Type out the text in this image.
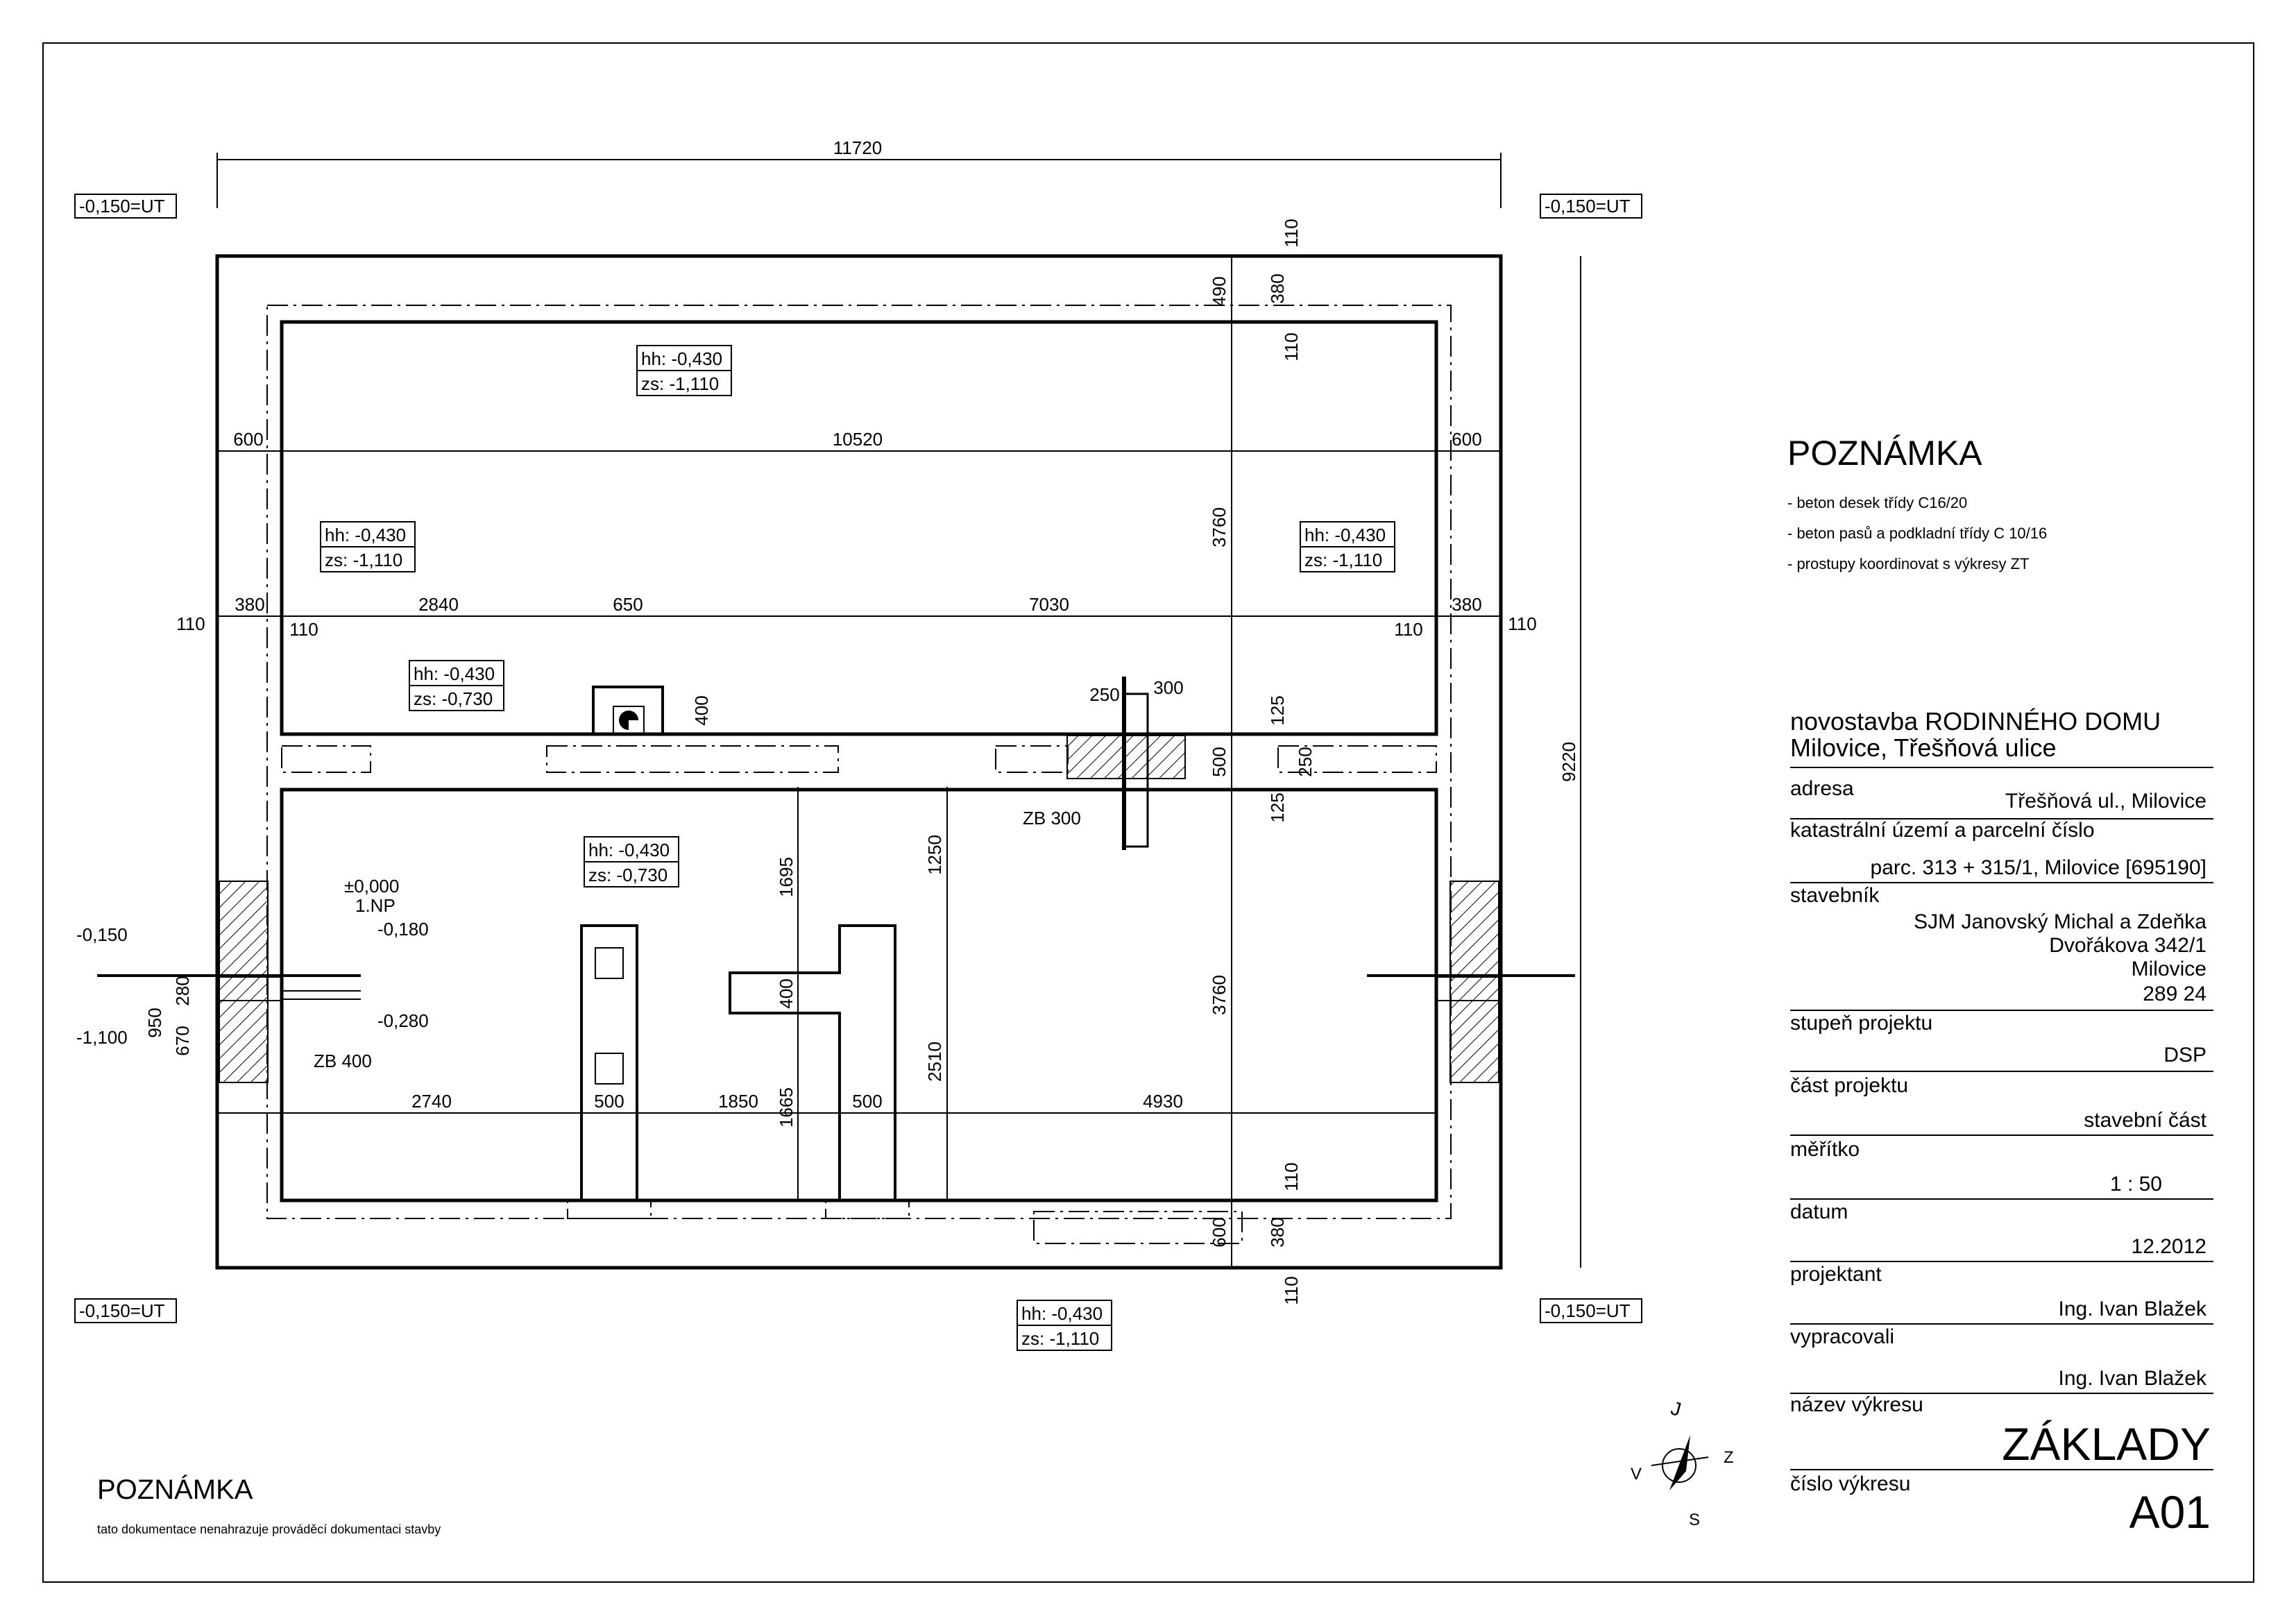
11720
10520
600	600
110
380
110
2840	650	7030
110
380
110
2740	500	1850	500	4930
250 300
9220
3760
3760
490
110
380
110
125
500	250
125
110
600 380
110
1695
400
1665
1250
2510
400
-0,150=UT	-0,150=UT
-0,150=UT	-0,150=UT
hh: -0,430
zs: -1,110
hh: -0,430
zs: -1,110
hh: -0,430
zs: -1,110
hh: -0,430
zs: -0,730
hh: -0,430
zs: -0,730
hh: -0,430
zs: -1,110
ZB 300
ZB 400
±0,000
1.NP
-0,180
-0,280
-0,150
-1,100
280
950
670
J
V
Z
S
POZNÁMKA
- beton desek třídy C16/20
- beton pasů a podkladní třídy C 10/16
- prostupy koordinovat s výkresy ZT
POZNÁMKA
tato dokumentace nenahrazuje prováděcí dokumentaci stavby
novostavba RODINNÉHO DOMU
Milovice, Třešňová ulice
adresa
Třešňová ul., Milovice
katastrální území a parcelní číslo
parc. 313 + 315/1, Milovice [695190]
stavebník
SJM Janovský Michal a Zdeňka
Dvořákova 342/1
Milovice
289 24
stupeň projektu
DSP
část projektu
stavební část
měřítko
1 : 50
datum
12.2012
projektant
Ing. Ivan Blažek
vypracovali
Ing. Ivan Blažek
název výkresu
ZÁKLADY
číslo výkresu
A01
